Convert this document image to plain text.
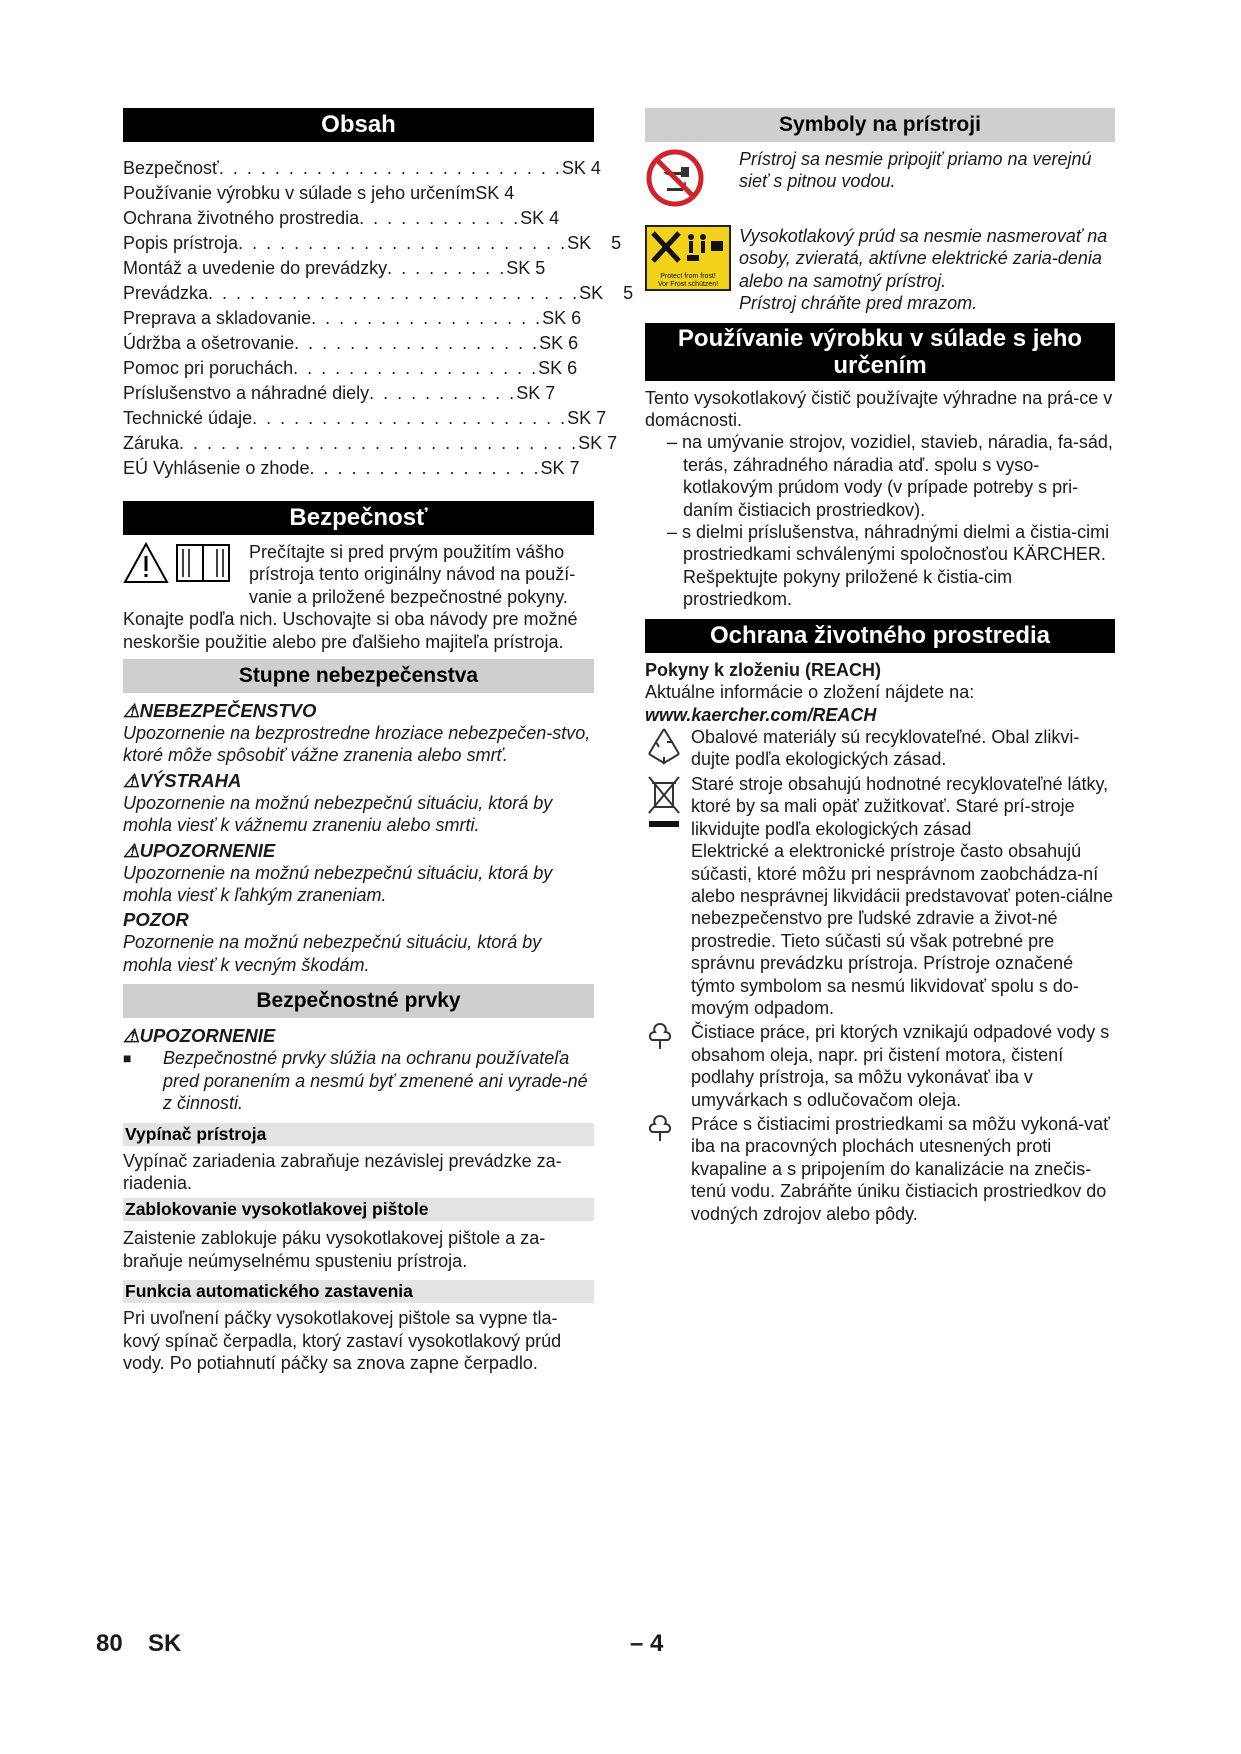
Obsah
Bezpečnosť . . . . . . . . . . . . . . . . . . . . . . . . . SK 4
Používanie výrobku v súlade s jeho určením SK 4
Ochrana životného prostredia . . . . . . . . . . . . SK 4
Popis prístroja . . . . . . . . . . . . . . . . . . . . . . . . SK    5
Montáž a uvedenie do prevádzky . . . . . . . . . SK 5
Prevádzka . . . . . . . . . . . . . . . . . . . . . . . . . . . SK    5
Preprava a skladovanie . . . . . . . . . . . . . . . . . SK 6
Údržba a ošetrovanie . . . . . . . . . . . . . . . . . . SK 6
Pomoc pri poruchách . . . . . . . . . . . . . . . . . . SK 6
Príslušenstvo a náhradné diely . . . . . . . . . . . SK 7
Technické údaje . . . . . . . . . . . . . . . . . . . . . . . SK 7
Záruka . . . . . . . . . . . . . . . . . . . . . . . . . . . . . SK 7
EÚ Vyhlásenie o zhode . . . . . . . . . . . . . . . . . SK 7
Bezpečnosť

Prečítajte si pred prvým použitím vášho prístroja tento originálny návod na použí-vanie a priložené bezpečnostné pokyny. Konajte podľa nich. Uschovajte si oba návody pre možné neskoršie použitie alebo pre ďalšieho majiteľa prístroja.

Stupne nebezpečenstva
⚠NEBEZPEČENSTVO

Upozornenie na bezprostredne hroziace nebezpečen-stvo, ktoré môže spôsobiť vážne zranenia alebo smrť.

⚠VÝSTRAHA

Upozornenie na možnú nebezpečnú situáciu, ktorá by mohla viesť k vážnemu zraneniu alebo smrti.

⚠UPOZORNENIE

Upozornenie na možnú nebezpečnú situáciu, ktorá by mohla viesť k ľahkým zraneniam.

POZOR

Pozornenie na možnú nebezpečnú situáciu, ktorá by mohla viesť k vecným škodám.

Bezpečnostné prvky
⚠UPOZORNENIE
■	Bezpečnostné prvky slúžia na ochranu používateľa pred poranením a nesmú byť zmenené ani vyrade-né z činnosti.

Vypínač prístroja

Vypínač zariadenia zabraňuje nezávislej prevádzke za-riadenia.

Zablokovanie vysokotlakovej pištole

Zaistenie zablokuje páku vysokotlakovej pištole a za-braňuje neúmyselnému spusteniu prístroja.

Funkcia automatického zastavenia

Pri uvoľnení páčky vysokotlakovej pištole sa vypne tla-kový spínač čerpadla, ktorý zastaví vysokotlakový prúd vody. Po potiahnutí páčky sa znova zapne čerpadlo.

Symboly na prístroji

Prístroj sa nesmie pripojiť priamo na verejnú sieť s pitnou vodou.

Protect from frost!
Vor Frost schützen!

Vysokotlakový prúd sa nesmie nasmerovať na osoby, zvieratá, aktívne elektrické zaria-denia alebo na samotný prístroj.

Prístroj chráňte pred mrazom.

Používanie výrobku v súlade s jeho určením

Tento vysokotlakový čistič používajte výhradne na prá-ce v domácnosti.

– na umývanie strojov, vozidiel, stavieb, náradia, fa-sád, terás, záhradného náradia atď. spolu s vyso-kotlakovým prúdom vody (v prípade potreby s pri-daním čistiacich prostriedkov).
– s dielmi príslušenstva, náhradnými dielmi a čistia-cimi prostriedkami schválenými spoločnosťou KÄRCHER. Rešpektujte pokyny priložené k čistia-cim prostriedkom.
Ochrana životného prostredia

Pokyny k zloženiu (REACH)

Aktuálne informácie o zložení nájdete na:

www.kaercher.com/REACH

Obalové materiály sú recyklovateľné. Obal zlikvi-dujte podľa ekologických zásad.

Staré stroje obsahujú hodnotné recyklovateľné látky, ktoré by sa mali opäť zužitkovať. Staré prí-stroje likvidujte podľa ekologických zásad

Elektrické a elektronické prístroje často obsahujú súčasti, ktoré môžu pri nesprávnom zaobchádza-ní alebo nesprávnej likvidácii predstavovať poten-ciálne nebezpečenstvo pre ľudské zdravie a život-né prostredie. Tieto súčasti sú však potrebné pre správnu prevádzku prístroja. Prístroje označené týmto symbolom sa nesmú likvidovať spolu s do-movým odpadom.

Čistiace práce, pri ktorých vznikajú odpadové vody s obsahom oleja, napr. pri čistení motora, čistení podlahy prístroja, sa môžu vykonávať iba v umyvárkach s odlučovačom oleja.

Práce s čistiacimi prostriedkami sa môžu vykoná-vať iba na pracovných plochách utesnených proti kvapaline a s pripojením do kanalizácie na znečis-tenú vodu. Zabráňte úniku čistiacich prostriedkov do vodných zdrojov alebo pôdy.

80 SK	– 4
